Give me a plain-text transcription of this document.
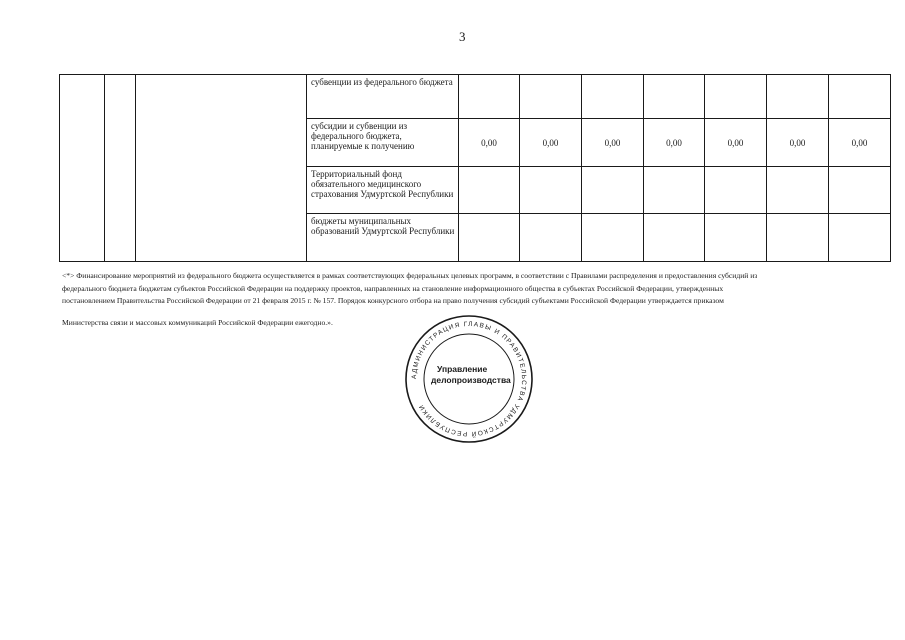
3
			субвенции из федерального бюджета							
			субсидии и субвенции из федерального бюджета, планируемые к получению	0,00	0,00	0,00	0,00	0,00	0,00	0,00
			Территориальный фонд обязательного медицинского страхования Удмуртской Республики							
			бюджеты муниципальных образований Удмуртской Республики							
<*> Финансирование мероприятий из федерального бюджета осуществляется в рамках соответствующих федеральных целевых программ, в соответствии с Правилами распределения и предоставления субсидий из
федерального бюджета бюджетам субъектов Российской Федерации на поддержку проектов, направленных на становление информационного общества в субъектах Российской Федерации, утвержденных
постановлением Правительства Российской Федерации от 21 февраля 2015 г. № 157. Порядок конкурсного отбора на право получения субсидий субъектами Российской Федерации утверждается приказом
Министерства связи и массовых коммуникаций Российской Федерации ежегодно.».
АДМИНИСТРАЦИЯ ГЛАВЫ И ПРАВИТЕЛЬСТВА УДМУРТСКОЙ РЕСПУБЛИКИ
Управление
делопроизводства
